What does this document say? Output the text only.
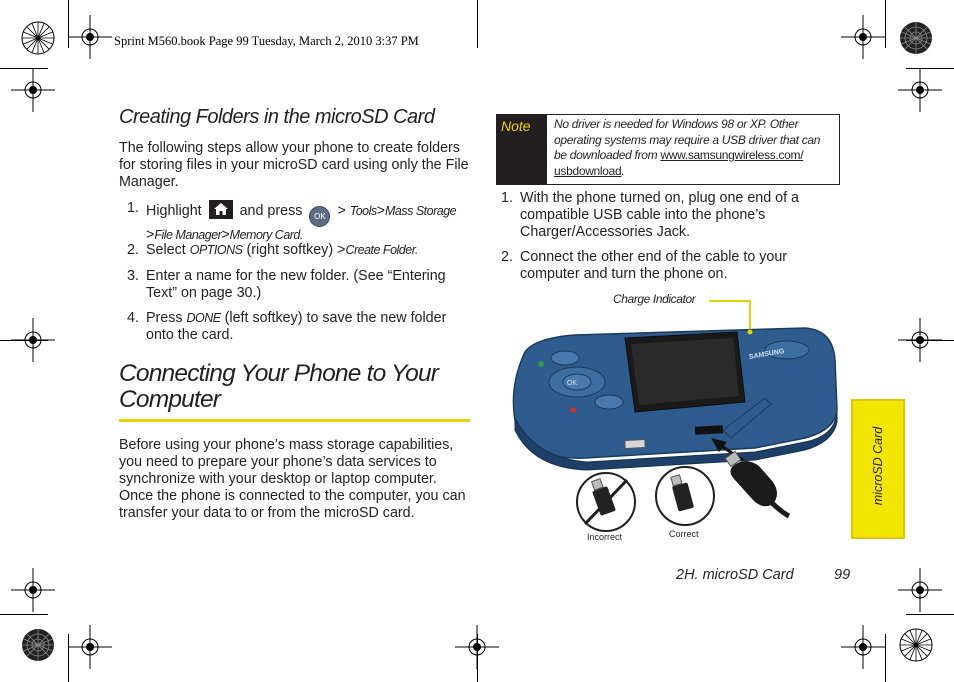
Sprint M560.book Page 99 Tuesday, March 2, 2010 3:37 PM
Creating Folders in the microSD Card
The following steps allow your phone to create folders
for storing files in your microSD card using only the File
Manager.
1. Highlight	and press OK > Tools>Mass Storage
>File Manager>Memory Card.
2. Select OPTIONS (right softkey) >Create Folder.
3. Enter a name for the new folder. (See “Entering
Text” on page 30.)
4. Press DONE (left softkey) to save the new folder
onto the card.
Connecting Your Phone to Your
Computer
Before using your phone’s mass storage capabilities,
you need to prepare your phone’s data services to
synchronize with your desktop or laptop computer.
Once the phone is connected to the computer, you can
transfer your data to or from the microSD card.
Note No driver is needed for Windows 98 or XP. Other
operating systems may require a USB driver that can
be downloaded from www.samsungwireless.com/
usbdownload.
1. With the phone turned on, plug one end of a
compatible USB cable into the phone’s
Charger/Accessories Jack.
2. Connect the other end of the cable to your
computer and turn the phone on.
Charge Indicator
OK
SAMSUNG
Incorrect	Correct
microSD Card
2H. microSD Card	99
